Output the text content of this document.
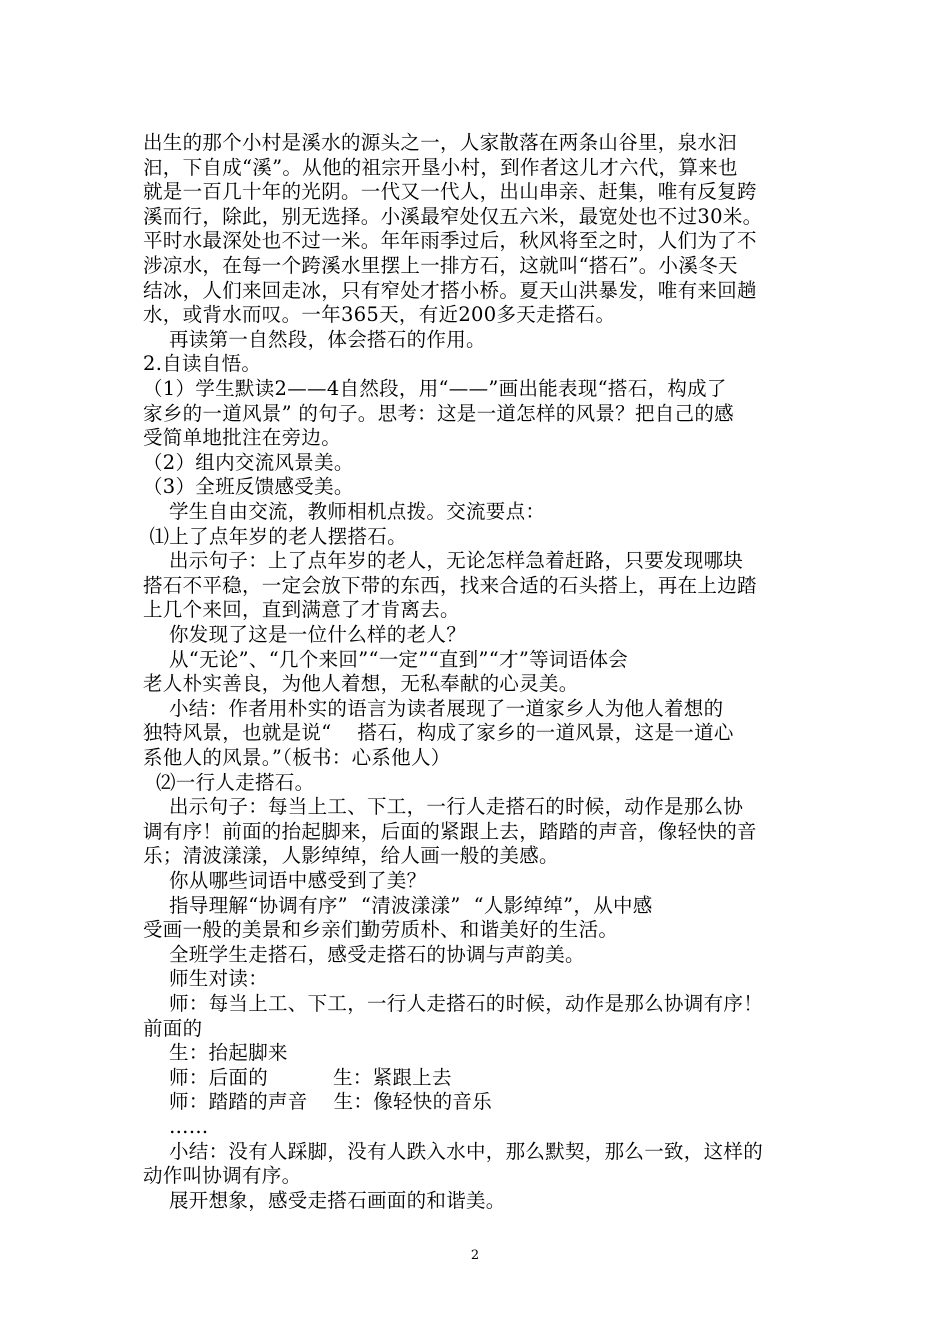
出生的那个小村是溪水的源头之一，人家散落在两条山谷里，泉水汩
汩，下自成“溪”。从他的祖宗开垦小村，到作者这儿才六代，算来也
就是一百几十年的光阴。一代又一代人，出山串亲、赶集，唯有反复跨
溪而行，除此，别无选择。小溪最窄处仅五六米，最宽处也不过30米。
平时水最深处也不过一米。年年雨季过后，秋风将至之时，人们为了不
涉凉水，在每一个跨溪水里摆上一排方石，这就叫“搭石”。小溪冬天
结冰，人们来回走冰，只有窄处才搭小桥。夏天山洪暴发，唯有来回趟
水，或背水而叹。一年365天，有近200多天走搭石。
再读第一自然段，体会搭石的作用。
2.自读自悟。
（1）学生默读2——4自然段，用“——”画出能表现“搭石，构成了
家乡的一道风景” 的句子。思考：这是一道怎样的风景？把自己的感
受简单地批注在旁边。
（2）组内交流风景美。
（3）全班反馈感受美。
学生自由交流，教师相机点拨。交流要点：
⑴上了点年岁的老人摆搭石。
出示句子：上了点年岁的老人，无论怎样急着赶路，只要发现哪块
搭石不平稳，一定会放下带的东西，找来合适的石头搭上，再在上边踏
上几个来回，直到满意了才肯离去。
你发现了这是一位什么样的老人？
从“无论”、“几个来回”“一定”“直到”“才”等词语体会
老人朴实善良，为他人着想，无私奉献的心灵美。
小结：作者用朴实的语言为读者展现了一道家乡人为他人着想的
独特风景，也就是说“    搭石，构成了家乡的一道风景，这是一道心
系他人的风景。”（板书：心系他人）
⑵一行人走搭石。
出示句子：每当上工、下工，一行人走搭石的时候，动作是那么协
调有序！前面的抬起脚来，后面的紧跟上去，踏踏的声音，像轻快的音
乐；清波漾漾，人影绰绰，给人画一般的美感。
你从哪些词语中感受到了美？
指导理解“协调有序”  “清波漾漾”  “人影绰绰”，从中感
受画一般的美景和乡亲们勤劳质朴、和谐美好的生活。
全班学生走搭石，感受走搭石的协调与声韵美。
师生对读：
师：每当上工、下工，一行人走搭石的时候，动作是那么协调有序！
前面的
生：抬起脚来
师：后面的          生：紧跟上去
师：踏踏的声音    生：像轻快的音乐
……
小结：没有人踩脚，没有人跌入水中，那么默契，那么一致，这样的
动作叫协调有序。
展开想象，感受走搭石画面的和谐美。
2
